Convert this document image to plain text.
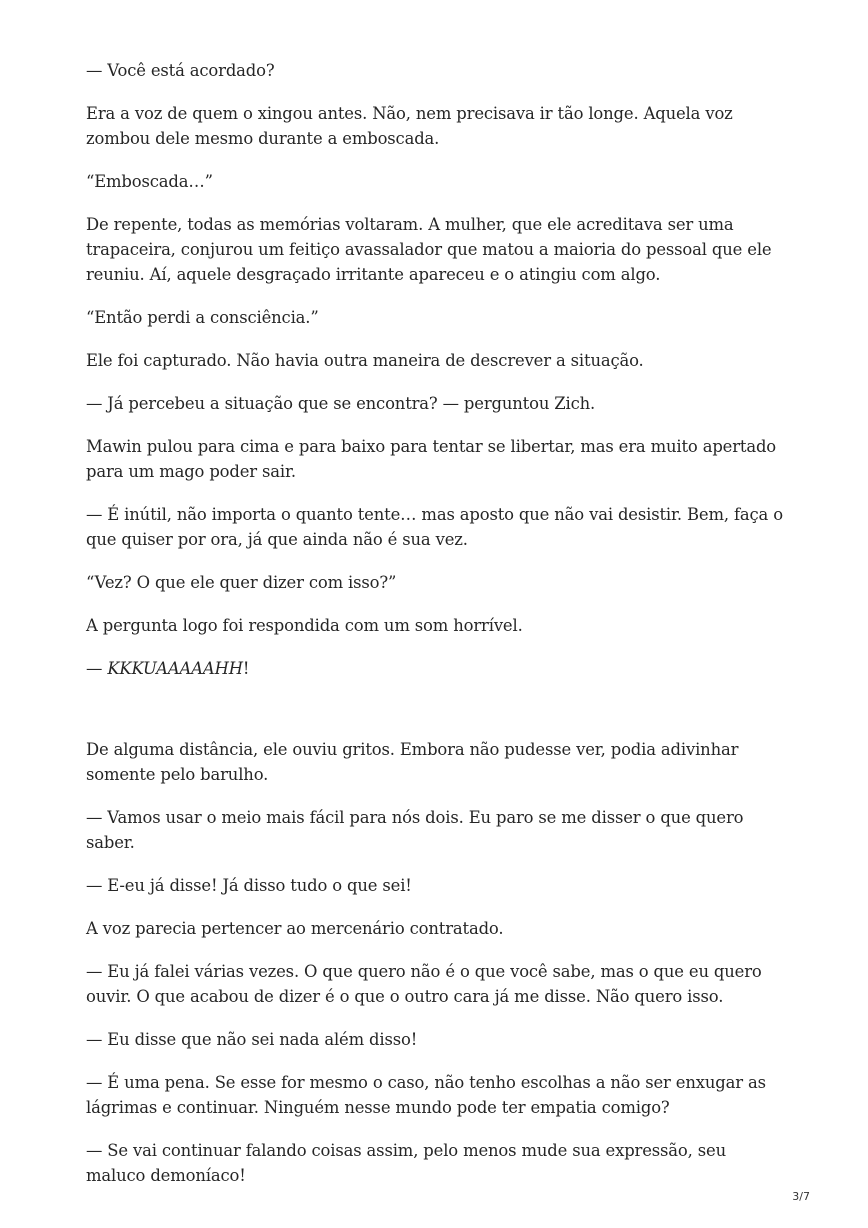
— Você está acordado?

Era a voz de quem o xingou antes. Não, nem precisava ir tão longe. Aquela voz zombou dele mesmo durante a emboscada.

“Emboscada…”

De repente, todas as memórias voltaram. A mulher, que ele acreditava ser uma trapaceira, conjurou um feitiço avassalador que matou a maioria do pessoal que ele reuniu. Aí, aquele desgraçado irritante apareceu e o atingiu com algo.

“Então perdi a consciência.”

Ele foi capturado. Não havia outra maneira de descrever a situação.

— Já percebeu a situação que se encontra? — perguntou Zich.

Mawin pulou para cima e para baixo para tentar se libertar, mas era muito apertado para um mago poder sair.

— É inútil, não importa o quanto tente… mas aposto que não vai desistir. Bem, faça o que quiser por ora, já que ainda não é sua vez.

“Vez? O que ele quer dizer com isso?”

A pergunta logo foi respondida com um som horrível.

— KKKUAAAAAHH!

De alguma distância, ele ouviu gritos. Embora não pudesse ver, podia adivinhar somente pelo barulho.

— Vamos usar o meio mais fácil para nós dois. Eu paro se me disser o que quero saber.

— E-eu já disse! Já disso tudo o que sei!

A voz parecia pertencer ao mercenário contratado.

— Eu já falei várias vezes. O que quero não é o que você sabe, mas o que eu quero ouvir. O que acabou de dizer é o que o outro cara já me disse. Não quero isso.

— Eu disse que não sei nada além disso!

— É uma pena. Se esse for mesmo o caso, não tenho escolhas a não ser enxugar as lágrimas e continuar. Ninguém nesse mundo pode ter empatia comigo?

— Se vai continuar falando coisas assim, pelo menos mude sua expressão, seu maluco demoníaco!

3/7
